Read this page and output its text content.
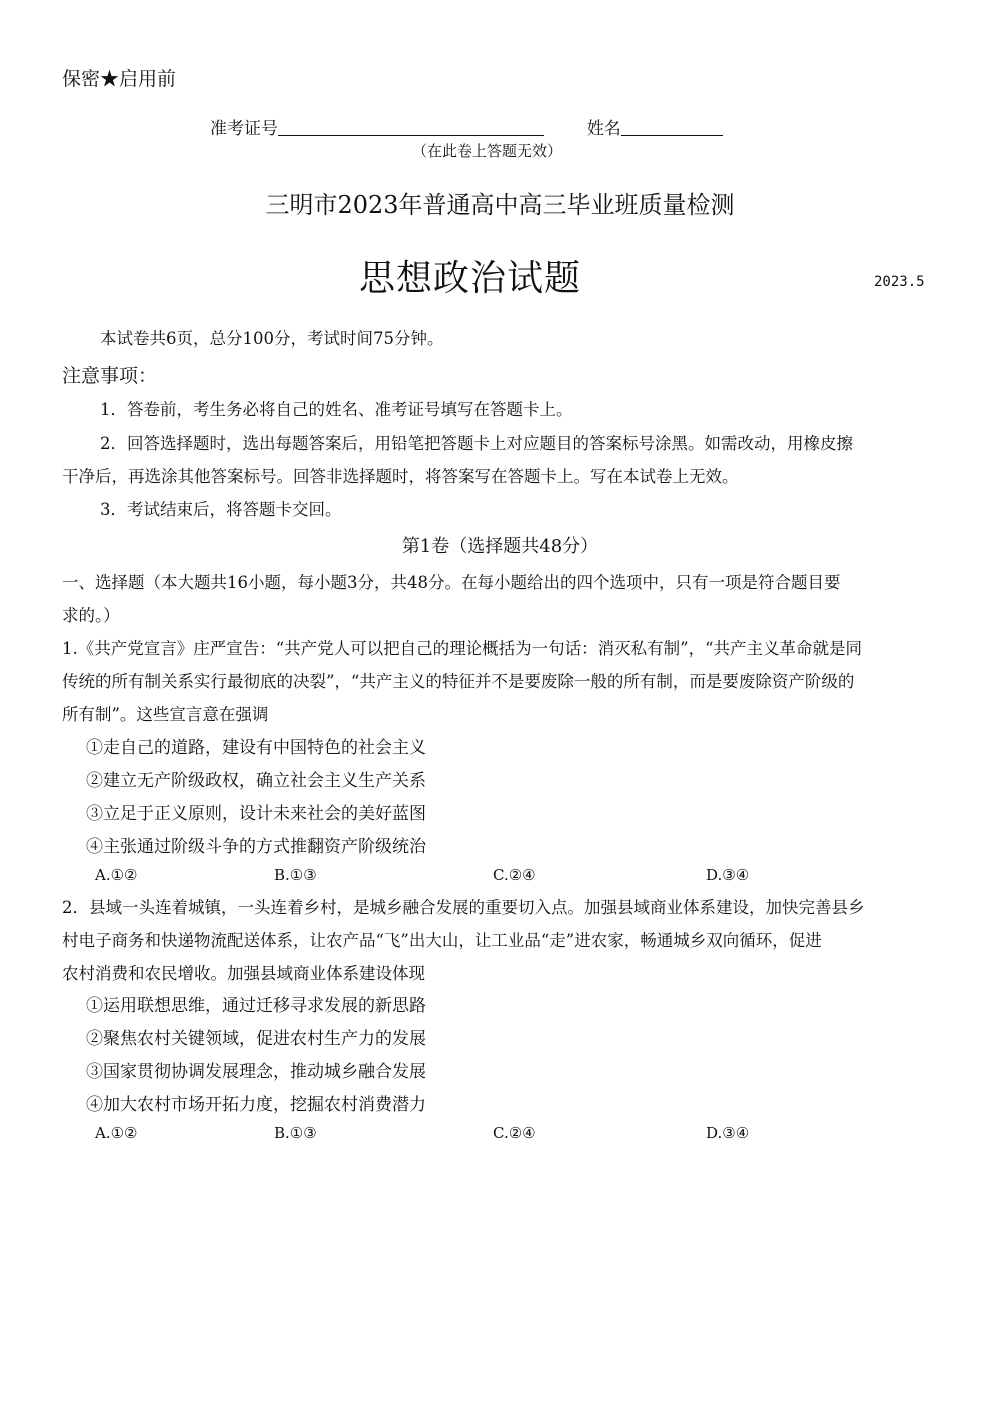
保密★启用前
准考证号	姓名
（在此卷上答题无效）
三明市2023年普通高中高三毕业班质量检测
思想政治试题	2023.5
本试卷共6页，总分100分，考试时间75分钟。
注意事项：
1．答卷前，考生务必将自己的姓名、准考证号填写在答题卡上。
2．回答选择题时，选出每题答案后，用铅笔把答题卡上对应题目的答案标号涂黑。如需改动，用橡皮擦
干净后，再选涂其他答案标号。回答非选择题时，将答案写在答题卡上。写在本试卷上无效。
3．考试结束后，将答题卡交回。
第1卷（选择题共48分）
一、选择题（本大题共16小题，每小题3分，共48分。在每小题给出的四个选项中，只有一项是符合题目要
求的。）
1.《共产党宣言》庄严宣告：“共产党人可以把自己的理论概括为一句话：消灭私有制”，“共产主义革命就是同
传统的所有制关系实行最彻底的决裂”，“共产主义的特征并不是要废除一般的所有制，而是要废除资产阶级的
所有制”。这些宣言意在强调
①走自己的道路，建设有中国特色的社会主义
②建立无产阶级政权，确立社会主义生产关系
③立足于正义原则，设计未来社会的美好蓝图
④主张通过阶级斗争的方式推翻资产阶级统治
A.①②	B.①③	C.②④	D.③④
2．县域一头连着城镇，一头连着乡村，是城乡融合发展的重要切入点。加强县域商业体系建设，加快完善县乡
村电子商务和快递物流配送体系，让农产品“飞”出大山，让工业品“走”进农家，畅通城乡双向循环，促进
农村消费和农民增收。加强县域商业体系建设体现
①运用联想思维，通过迁移寻求发展的新思路
②聚焦农村关键领域，促进农村生产力的发展
③国家贯彻协调发展理念，推动城乡融合发展
④加大农村市场开拓力度，挖掘农村消费潜力
A.①②	B.①③	C.②④	D.③④
